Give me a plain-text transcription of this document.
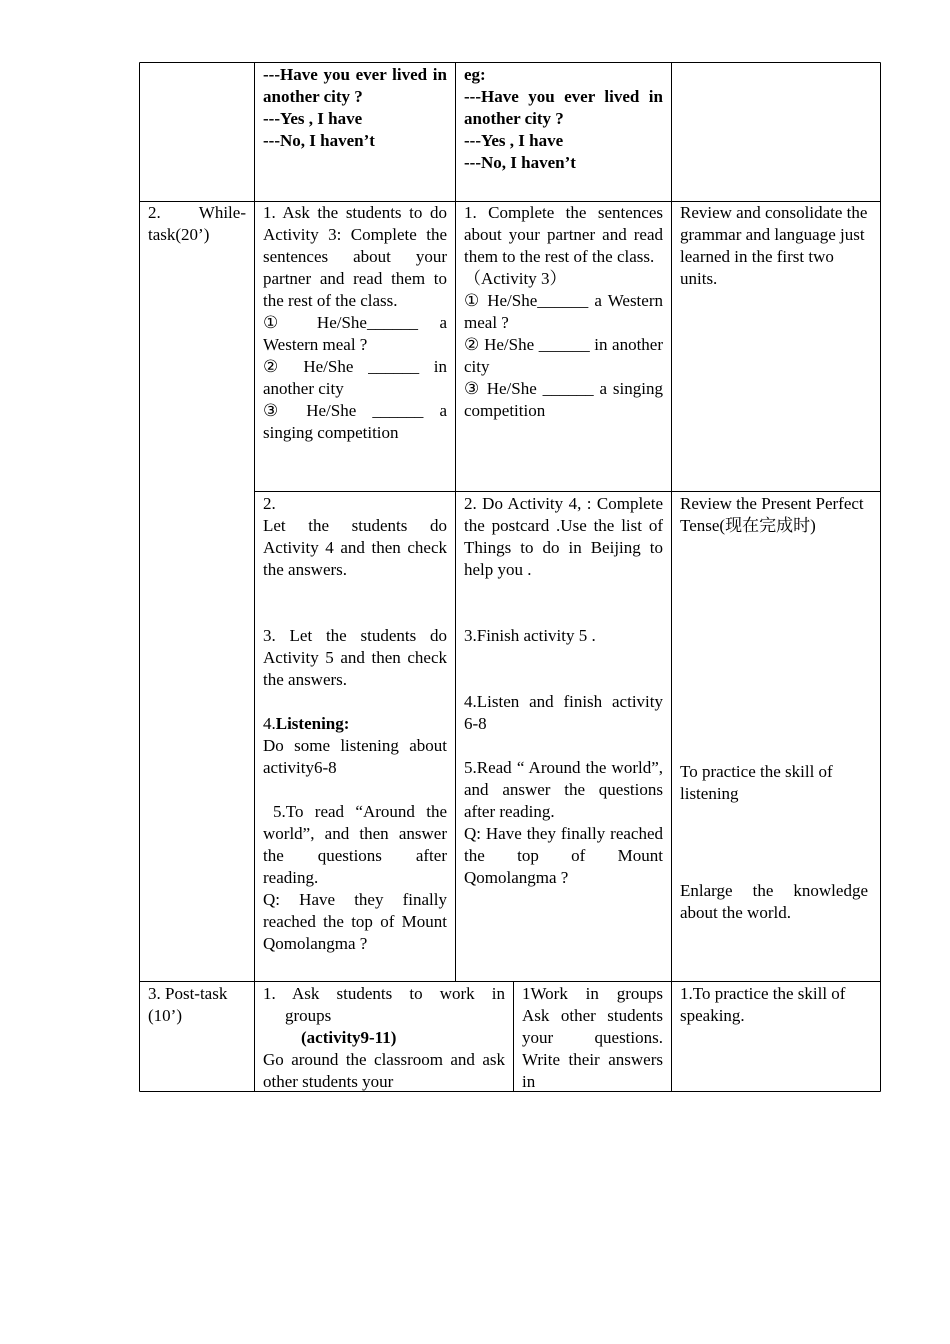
---Have you ever lived in another city ?
---Yes , I have
---No, I haven’t
eg:
---Have you ever lived in another city ?
---Yes , I have
---No, I haven’t
2. While-task(20’)
1. Ask the students to do Activity 3: Complete the sentences about your partner and read them to the rest of the class.
① He/She______ a Western meal ?
② He/She ______ in another city
③ He/She ______ a singing competition
1. Complete the sentences about your partner and read them to the rest of the class.
（Activity 3）
① He/She______ a Western meal ?
② He/She ______ in another city
③ He/She ______ a singing competition
Review and consolidate the grammar and language just learned in the first two units.
2.
Let the students do Activity 4 and then check the answers.
3. Let the students do Activity 5 and then check the answers.
4.Listening:
Do some listening about activity6-8
5.To read “Around the world”, and then answer the questions after reading.
Q: Have they finally reached the top of Mount Qomolangma ?
2. Do Activity 4, : Complete the postcard .Use the list of Things to do in Beijing to help you .
3.Finish activity 5 .
4.Listen and finish activity 6-8
5.Read “ Around the world”, and answer the questions after reading.
Q: Have they finally reached the top of Mount Qomolangma ?
Review the Present Perfect Tense(现在完成时)
To practice the skill of listening
Enlarge the knowledge about the world.
3. Post-task (10’)
1. Ask students to work in
groups
(activity9-11)
Go around the classroom and ask other students your
1Work in groups Ask other students your questions. Write their answers in
1.To practice the skill of speaking.
